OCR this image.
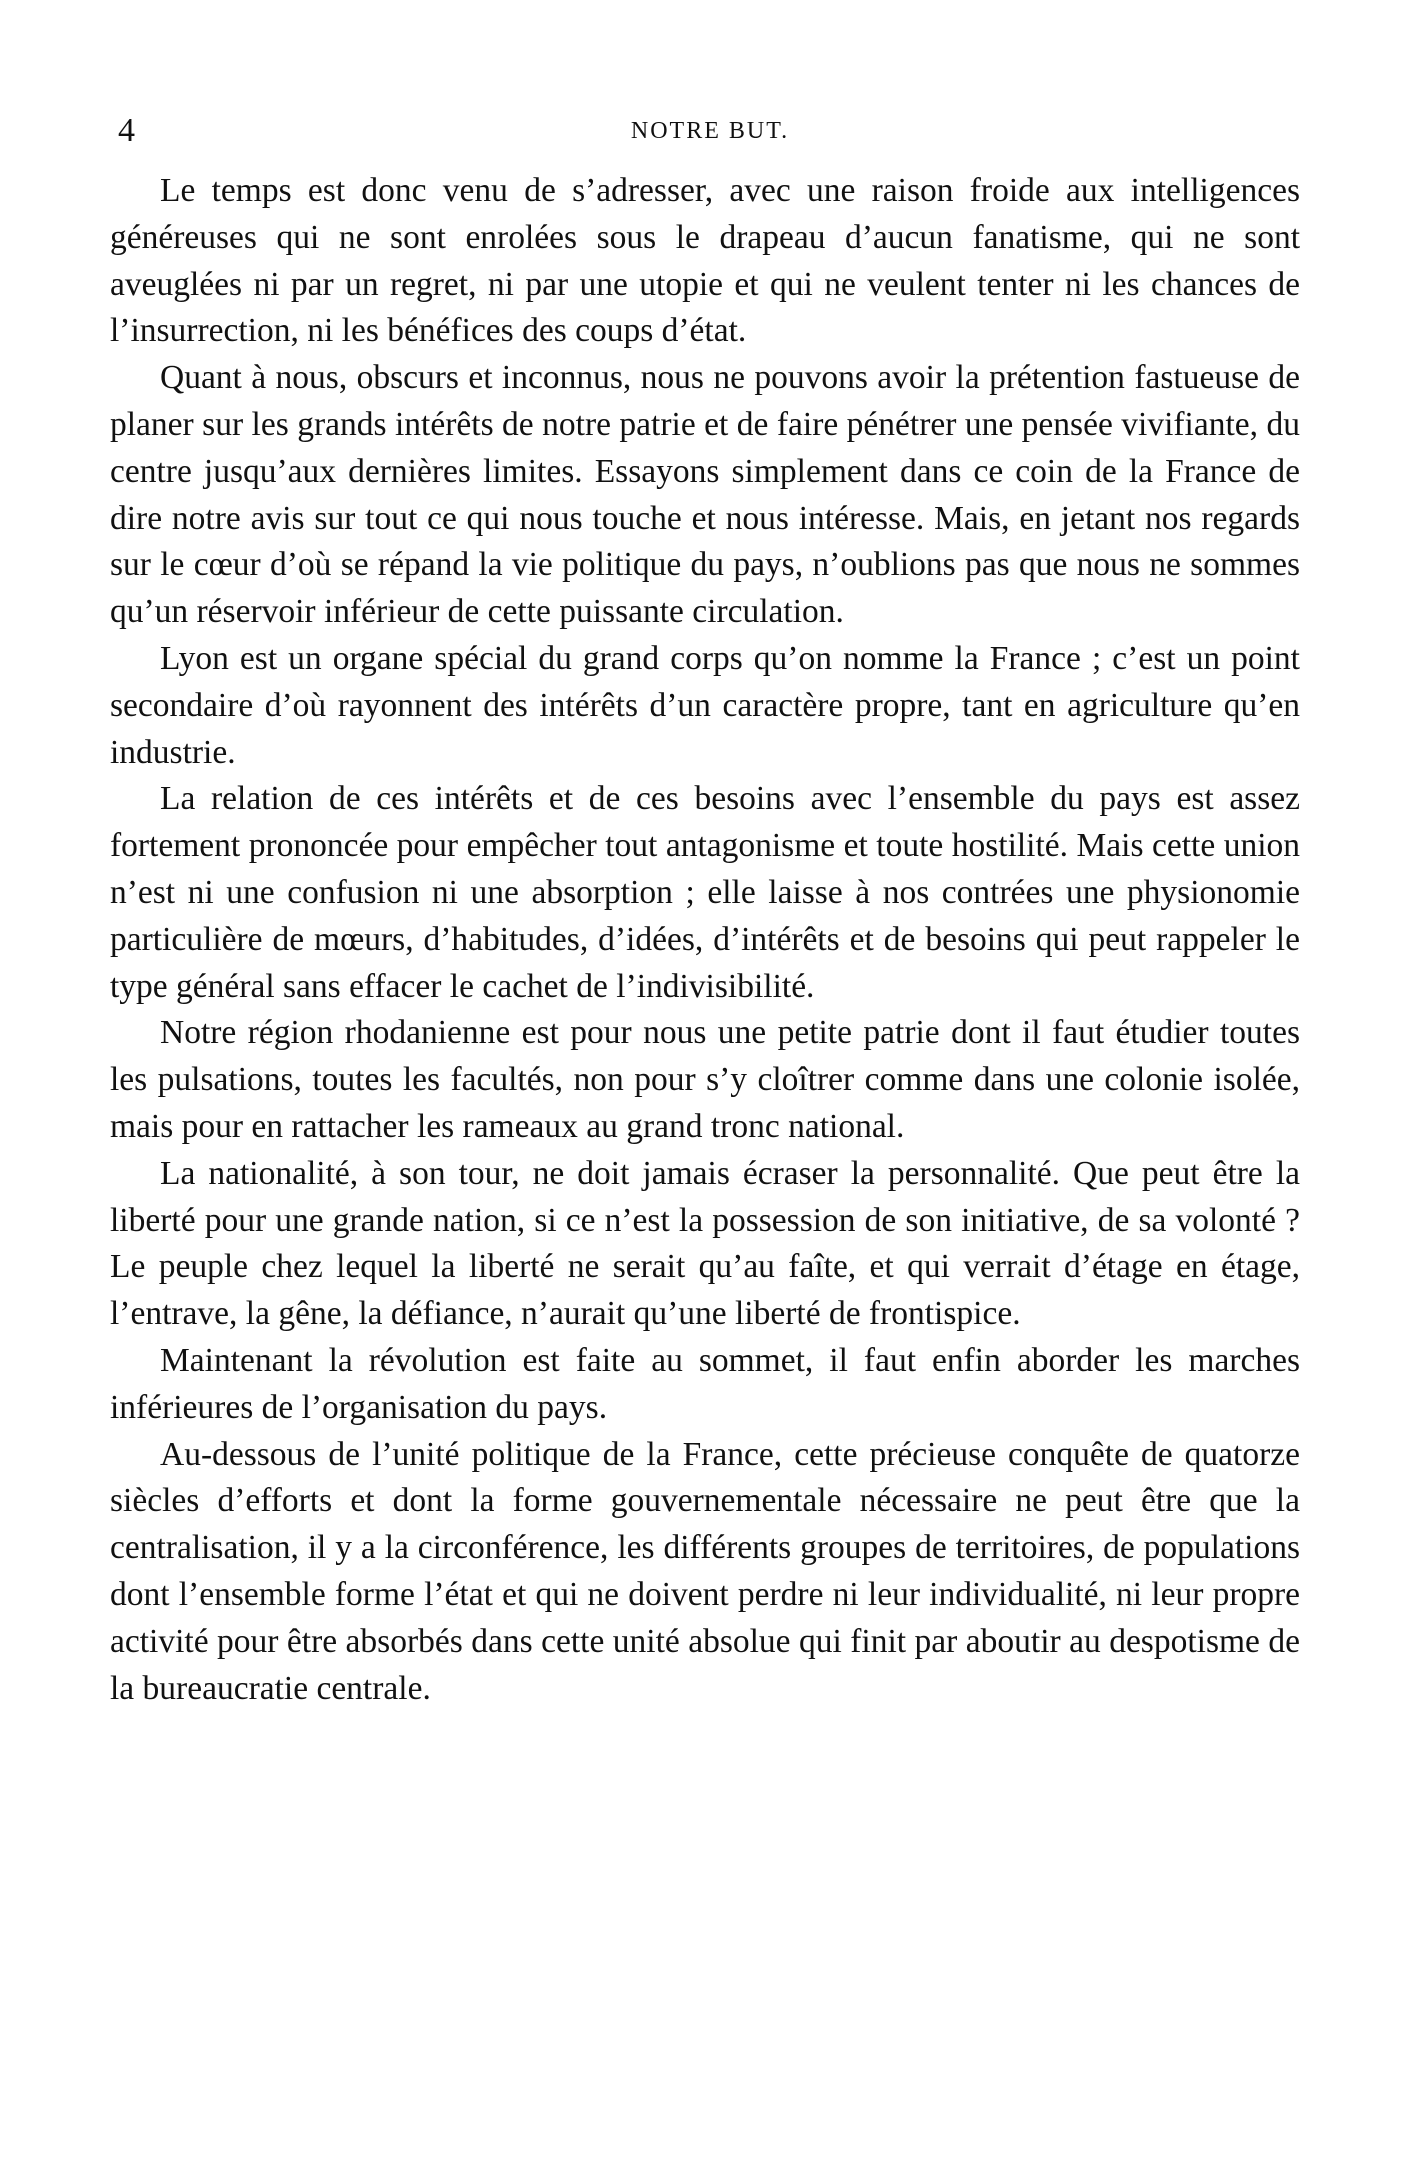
4	NOTRE BUT.

Le temps est donc venu de s’adresser, avec une raison froide aux intelligences généreuses qui ne sont enrolées sous le drapeau d’aucun fanatisme, qui ne sont aveuglées ni par un regret, ni par une utopie et qui ne veulent tenter ni les chances de l’insurrection, ni les bénéfices des coups d’état.

Quant à nous, obscurs et inconnus, nous ne pouvons avoir la prétention fastueuse de planer sur les grands intérêts de notre patrie et de faire pénétrer une pensée vivifiante, du centre jusqu’aux dernières limites. Essayons simplement dans ce coin de la France de dire notre avis sur tout ce qui nous touche et nous intéresse. Mais, en jetant nos regards sur le cœur d’où se répand la vie politique du pays, n’oublions pas que nous ne sommes qu’un réservoir inférieur de cette puissante circulation.

Lyon est un organe spécial du grand corps qu’on nomme la France ; c’est un point secondaire d’où rayonnent des intérêts d’un caractère propre, tant en agriculture qu’en industrie.

La relation de ces intérêts et de ces besoins avec l’ensemble du pays est assez fortement prononcée pour empêcher tout antagonisme et toute hostilité. Mais cette union n’est ni une confusion ni une absorption ; elle laisse à nos contrées une physionomie particulière de mœurs, d’habitudes, d’idées, d’intérêts et de besoins qui peut rappeler le type général sans effacer le cachet de l’indivisibilité.

Notre région rhodanienne est pour nous une petite patrie dont il faut étudier toutes les pulsations, toutes les facultés, non pour s’y cloîtrer comme dans une colonie isolée, mais pour en rattacher les rameaux au grand tronc national.

La nationalité, à son tour, ne doit jamais écraser la personnalité. Que peut être la liberté pour une grande nation, si ce n’est la possession de son initiative, de sa volonté ? Le peuple chez lequel la liberté ne serait qu’au faîte, et qui verrait d’étage en étage, l’entrave, la gêne, la défiance, n’aurait qu’une liberté de frontispice.

Maintenant la révolution est faite au sommet, il faut enfin aborder les marches inférieures de l’organisation du pays.

Au-dessous de l’unité politique de la France, cette précieuse conquête de quatorze siècles d’efforts et dont la forme gouvernementale nécessaire ne peut être que la centralisation, il y a la circonférence, les différents groupes de territoires, de populations dont l’ensemble forme l’état et qui ne doivent perdre ni leur individualité, ni leur propre activité pour être absorbés dans cette unité absolue qui finit par aboutir au despotisme de la bureaucratie centrale.
